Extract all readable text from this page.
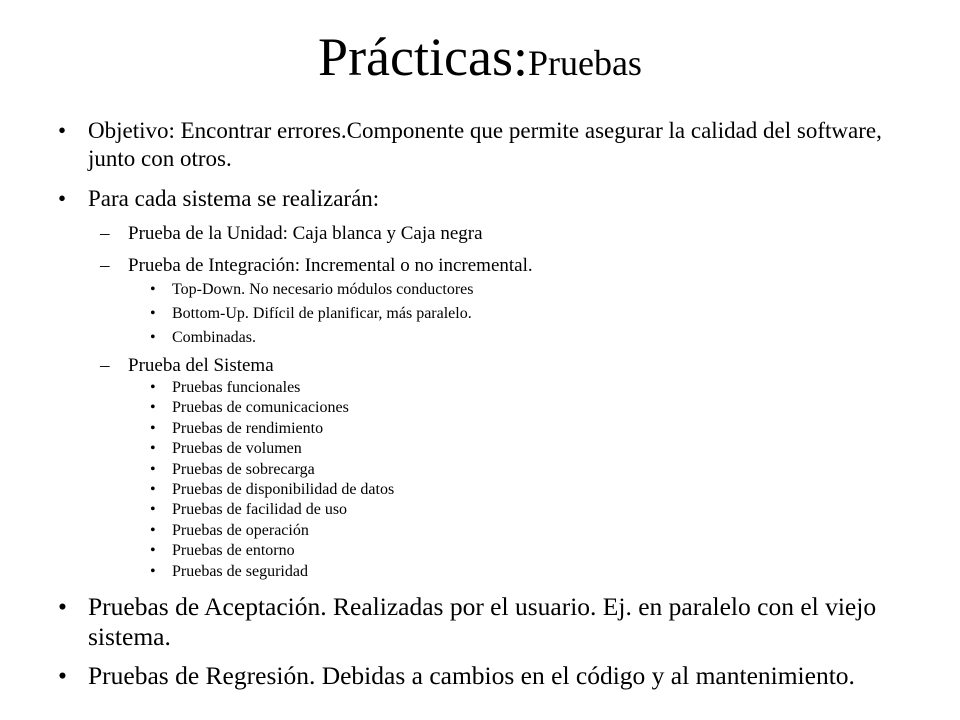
Prácticas:Pruebas
• Objetivo: Encontrar errores.Componente que permite asegurar la calidad del software, junto con otros.
• Para cada sistema se realizarán:
– Prueba de la Unidad: Caja blanca y Caja negra
– Prueba de Integración: Incremental o no incremental.
• Top-Down. No necesario módulos conductores
• Bottom-Up. Difícil de planificar, más paralelo.
• Combinadas.
– Prueba del Sistema
• Pruebas funcionales
• Pruebas de comunicaciones
• Pruebas de rendimiento
• Pruebas de volumen
• Pruebas de sobrecarga
• Pruebas de disponibilidad de datos
• Pruebas de facilidad de uso
• Pruebas de operación
• Pruebas de entorno
• Pruebas de seguridad
• Pruebas de Aceptación. Realizadas por el usuario. Ej. en paralelo con el viejo sistema.
• Pruebas de Regresión. Debidas a cambios en el código y al mantenimiento.
